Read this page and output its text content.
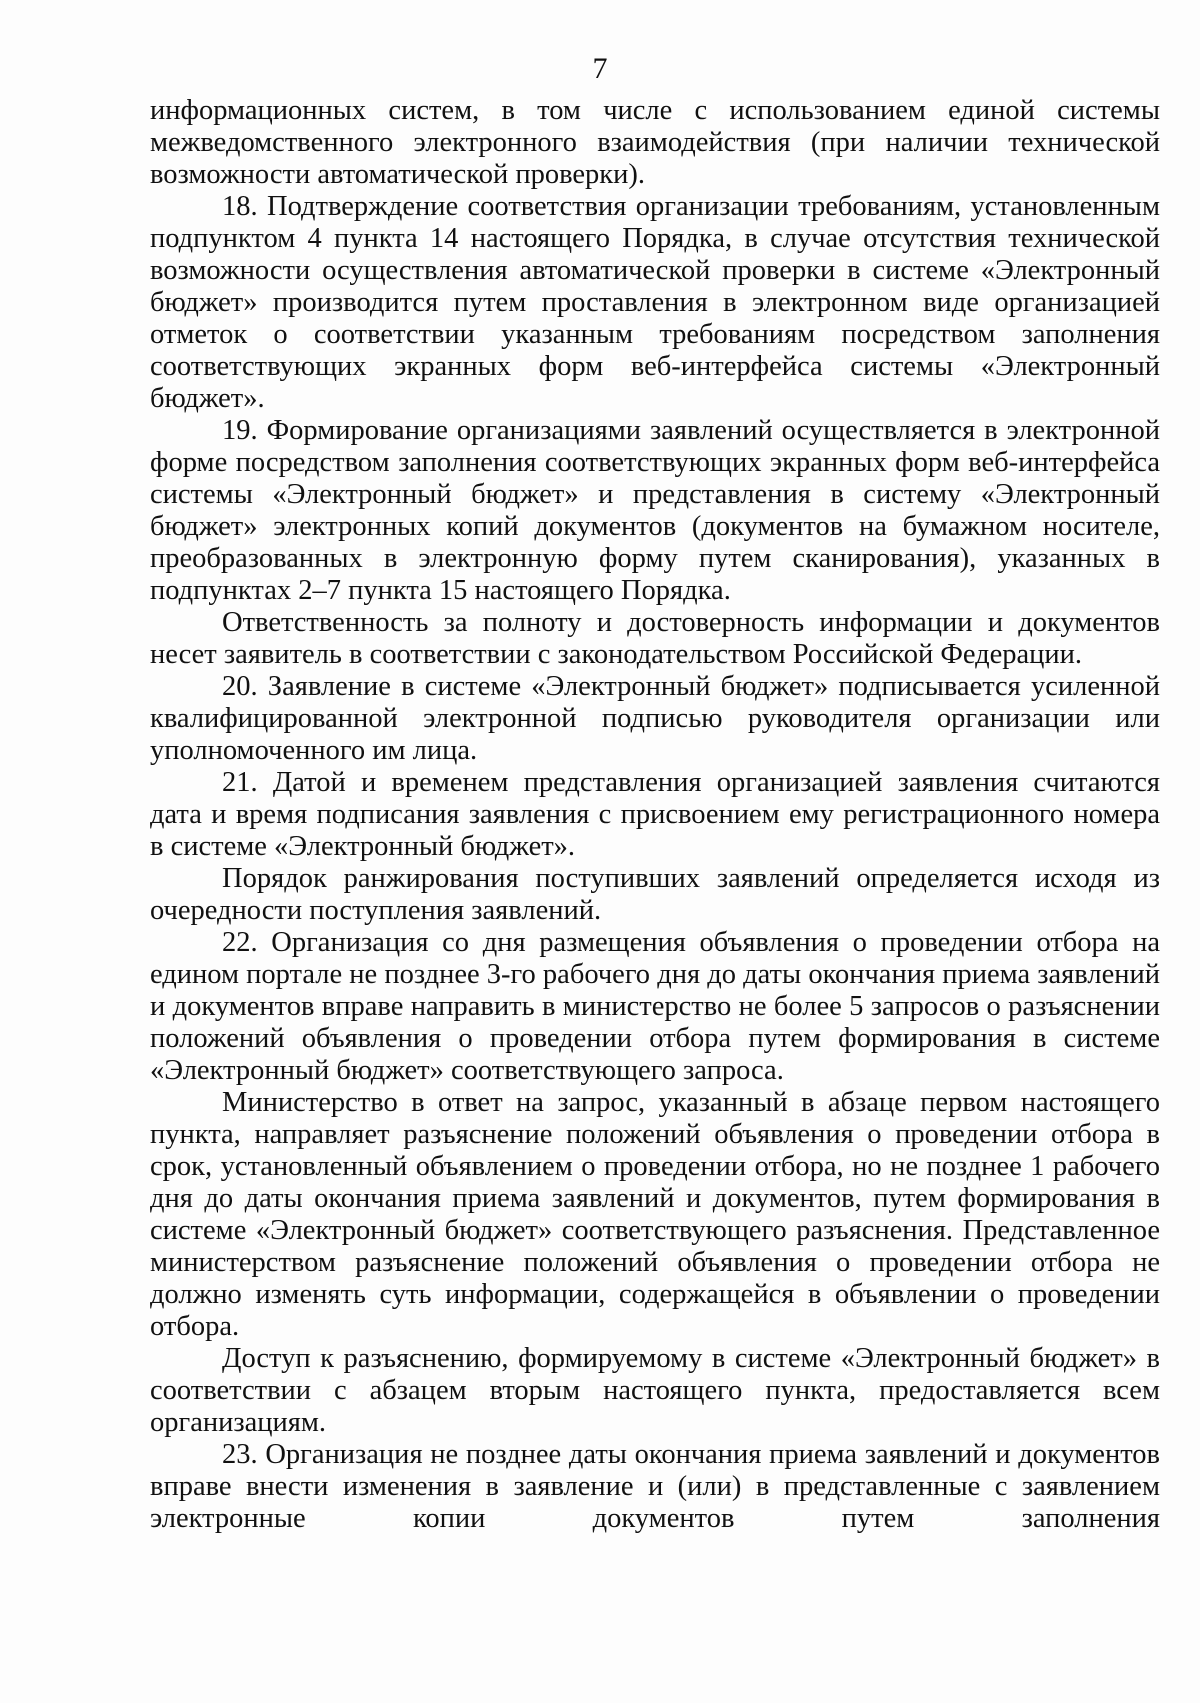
7

информационных систем, в том числе с использованием единой системы межведомственного электронного взаимодействия (при наличии технической возможности автоматической проверки).

18. Подтверждение соответствия организации требованиям, установленным подпунктом 4 пункта 14 настоящего Порядка, в случае отсутствия технической возможности осуществления автоматической проверки в системе «Электронный бюджет» производится путем проставления в электронном виде организацией отметок о соответствии указанным требованиям посредством заполнения соответствующих экранных форм веб-интерфейса системы «Электронный бюджет».

19. Формирование организациями заявлений осуществляется в электронной форме посредством заполнения соответствующих экранных форм веб-интерфейса системы «Электронный бюджет» и представления в систему «Электронный бюджет» электронных копий документов (документов на бумажном носителе, преобразованных в электронную форму путем сканирования), указанных в подпунктах 2–7 пункта 15 настоящего Порядка.

Ответственность за полноту и достоверность информации и документов несет заявитель в соответствии с законодательством Российской Федерации.

20. Заявление в системе «Электронный бюджет» подписывается усиленной квалифицированной электронной подписью руководителя организации или уполномоченного им лица.

21. Датой и временем представления организацией заявления считаются дата и время подписания заявления с присвоением ему регистрационного номера в системе «Электронный бюджет».

Порядок ранжирования поступивших заявлений определяется исходя из очередности поступления заявлений.

22. Организация со дня размещения объявления о проведении отбора на едином портале не позднее 3-го рабочего дня до даты окончания приема заявлений и документов вправе направить в министерство не более 5 запросов о разъяснении положений объявления о проведении отбора путем формирования в системе «Электронный бюджет» соответствующего запроса.

Министерство в ответ на запрос, указанный в абзаце первом настоящего пункта, направляет разъяснение положений объявления о проведении отбора в срок, установленный объявлением о проведении отбора, но не позднее 1 рабочего дня до даты окончания приема заявлений и документов, путем формирования в системе «Электронный бюджет» соответствующего разъяснения. Представленное министерством разъяснение положений объявления о проведении отбора не должно изменять суть информации, содержащейся в объявлении о проведении отбора.

Доступ к разъяснению, формируемому в системе «Электронный бюджет» в соответствии с абзацем вторым настоящего пункта, предоставляется всем организациям.

23. Организация не позднее даты окончания приема заявлений и документов вправе внести изменения в заявление и (или) в представленные с заявлением электронные копии документов путем заполнения
